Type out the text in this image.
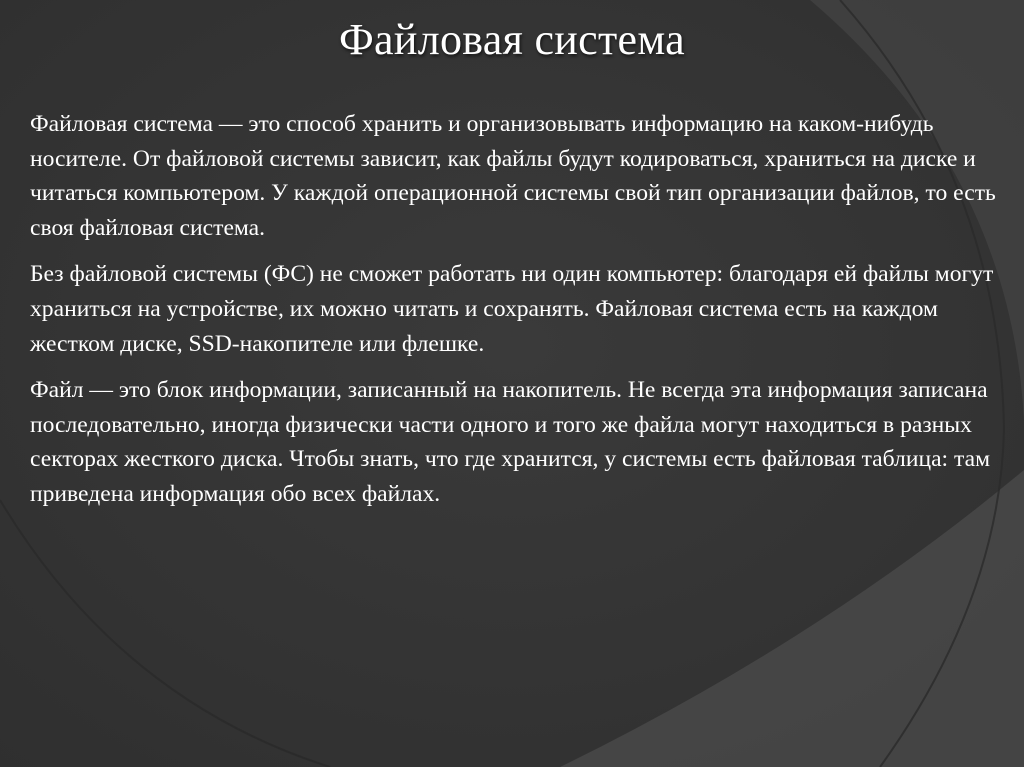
Файловая система

Файловая система — это способ хранить и организовывать информацию на каком-нибудь носителе. От файловой системы зависит, как файлы будут кодироваться, храниться на диске и читаться компьютером. У каждой операционной системы свой тип организации файлов, то есть своя файловая система.

Без файловой системы (ФС) не сможет работать ни один компьютер: благодаря ей файлы могут храниться на устройстве, их можно читать и сохранять. Файловая система есть на каждом жестком диске, SSD-накопителе или флешке.

Файл — это блок информации, записанный на накопитель. Не всегда эта информация записана последовательно, иногда физически части одного и того же файла могут находиться в разных секторах жесткого диска. Чтобы знать, что где хранится, у системы есть файловая таблица: там приведена информация обо всех файлах.
